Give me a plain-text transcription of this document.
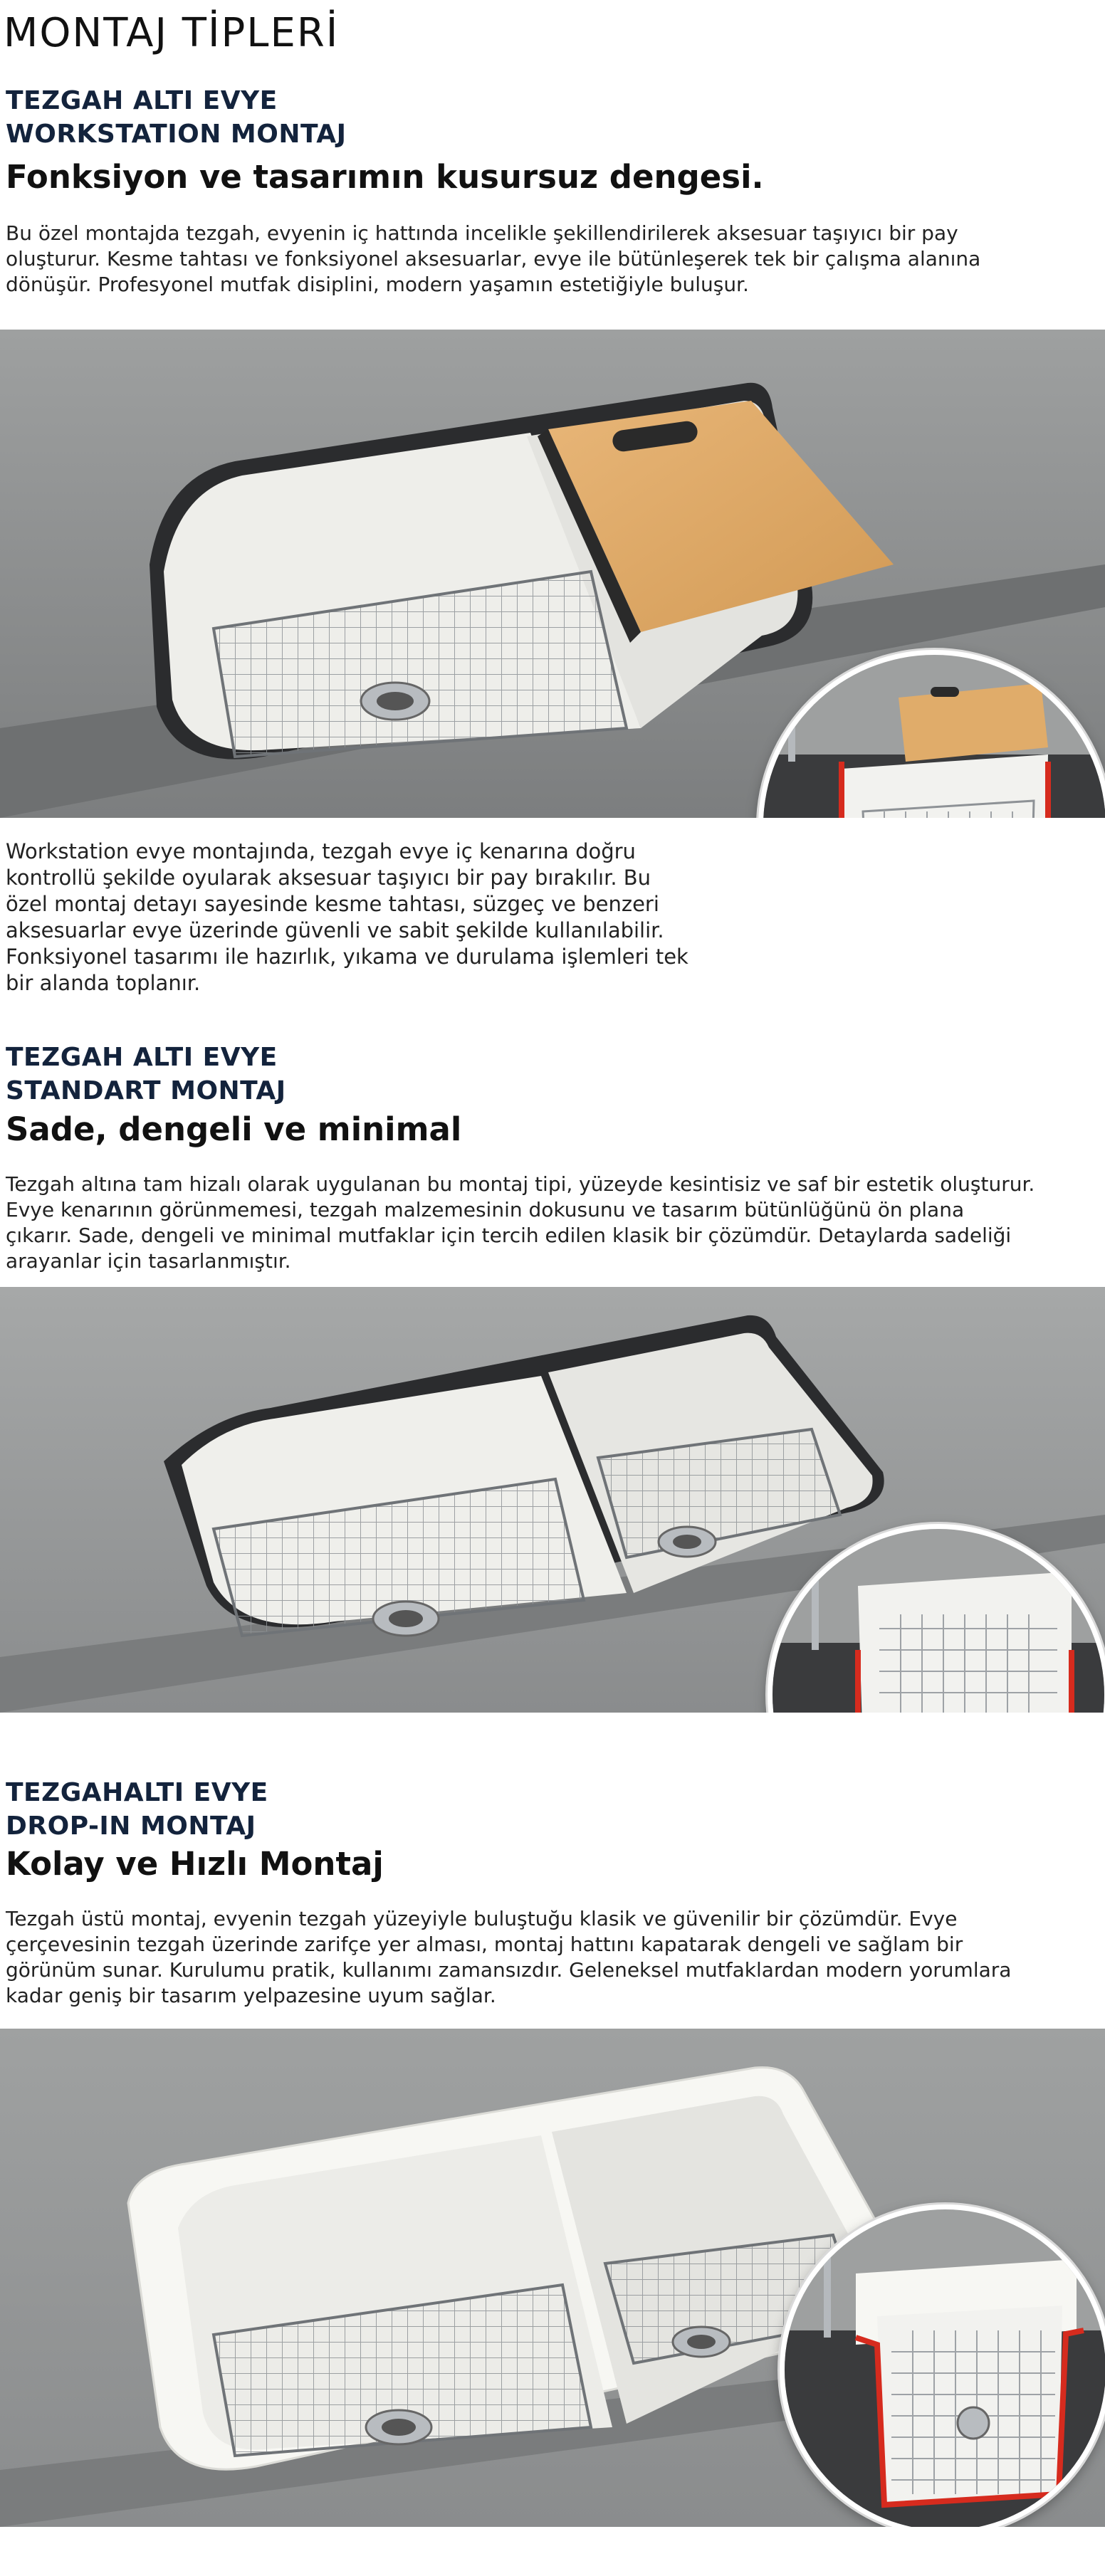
MONTAJ TİPLERİ
TEZGAH ALTI EVYE
WORKSTATION MONTAJ
Fonksiyon ve tasarımın kusursuz dengesi.
Bu özel montajda tezgah, evyenin iç hattında incelikle şekillendirilerek aksesuar taşıyıcı bir pay
oluşturur. Kesme tahtası ve fonksiyonel aksesuarlar, evye ile bütünleşerek tek bir çalışma alanına
dönüşür. Profesyonel mutfak disiplini, modern yaşamın estetiğiyle buluşur.
Workstation evye montajında, tezgah evye iç kenarına doğru
kontrollü şekilde oyularak aksesuar taşıyıcı bir pay bırakılır. Bu
özel montaj detayı sayesinde kesme tahtası, süzgeç ve benzeri
aksesuarlar evye üzerinde güvenli ve sabit şekilde kullanılabilir.
Fonksiyonel tasarımı ile hazırlık, yıkama ve durulama işlemleri tek
bir alanda toplanır.
TEZGAH ALTI EVYE
STANDART MONTAJ
Sade, dengeli ve minimal
Tezgah altına tam hizalı olarak uygulanan bu montaj tipi, yüzeyde kesintisiz ve saf bir estetik oluşturur.
Evye kenarının görünmemesi, tezgah malzemesinin dokusunu ve tasarım bütünlüğünü ön plana
çıkarır. Sade, dengeli ve minimal mutfaklar için tercih edilen klasik bir çözümdür. Detaylarda sadeliği
arayanlar için tasarlanmıştır.
TEZGAHALTI EVYE
DROP-IN MONTAJ
Kolay ve Hızlı Montaj
Tezgah üstü montaj, evyenin tezgah yüzeyiyle buluştuğu klasik ve güvenilir bir çözümdür. Evye
çerçevesinin tezgah üzerinde zarifçe yer alması, montaj hattını kapatarak dengeli ve sağlam bir
görünüm sunar. Kurulumu pratik, kullanımı zamansızdır. Geleneksel mutfaklardan modern yorumlara
kadar geniş bir tasarım yelpazesine uyum sağlar.
